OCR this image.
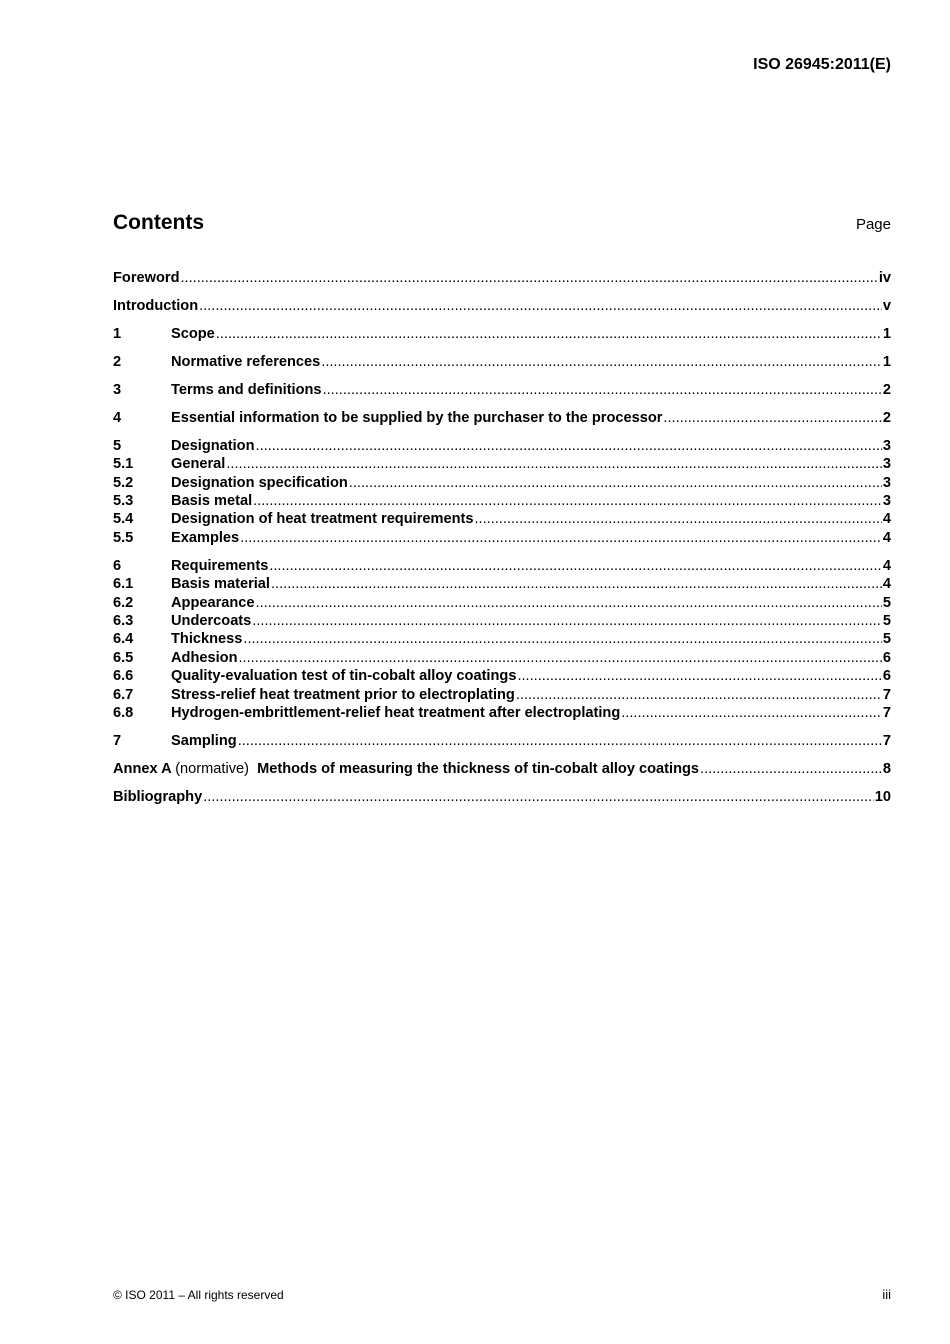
ISO 26945:2011(E)
Contents	Page
Foreword .....	iv
Introduction .....	v
1	Scope .....	1
2	Normative references .....	1
3	Terms and definitions .....	2
4	Essential information to be supplied by the purchaser to the processor .....	2
5	Designation .....	3
5.1	General .....	3
5.2	Designation specification .....	3
5.3	Basis metal .....	3
5.4	Designation of heat treatment requirements .....	4
5.5	Examples .....	4
6	Requirements .....	4
6.1	Basis material .....	4
6.2	Appearance .....	5
6.3	Undercoats .....	5
6.4	Thickness .....	5
6.5	Adhesion .....	6
6.6	Quality-evaluation test of tin-cobalt alloy coatings .....	6
6.7	Stress-relief heat treatment prior to electroplating .....	7
6.8	Hydrogen-embrittlement-relief heat treatment after electroplating .....	7
7	Sampling .....	7
Annex A (normative) Methods of measuring the thickness of tin-cobalt alloy coatings .....	8
Bibliography .....	10
© ISO 2011 – All rights reserved	iii
